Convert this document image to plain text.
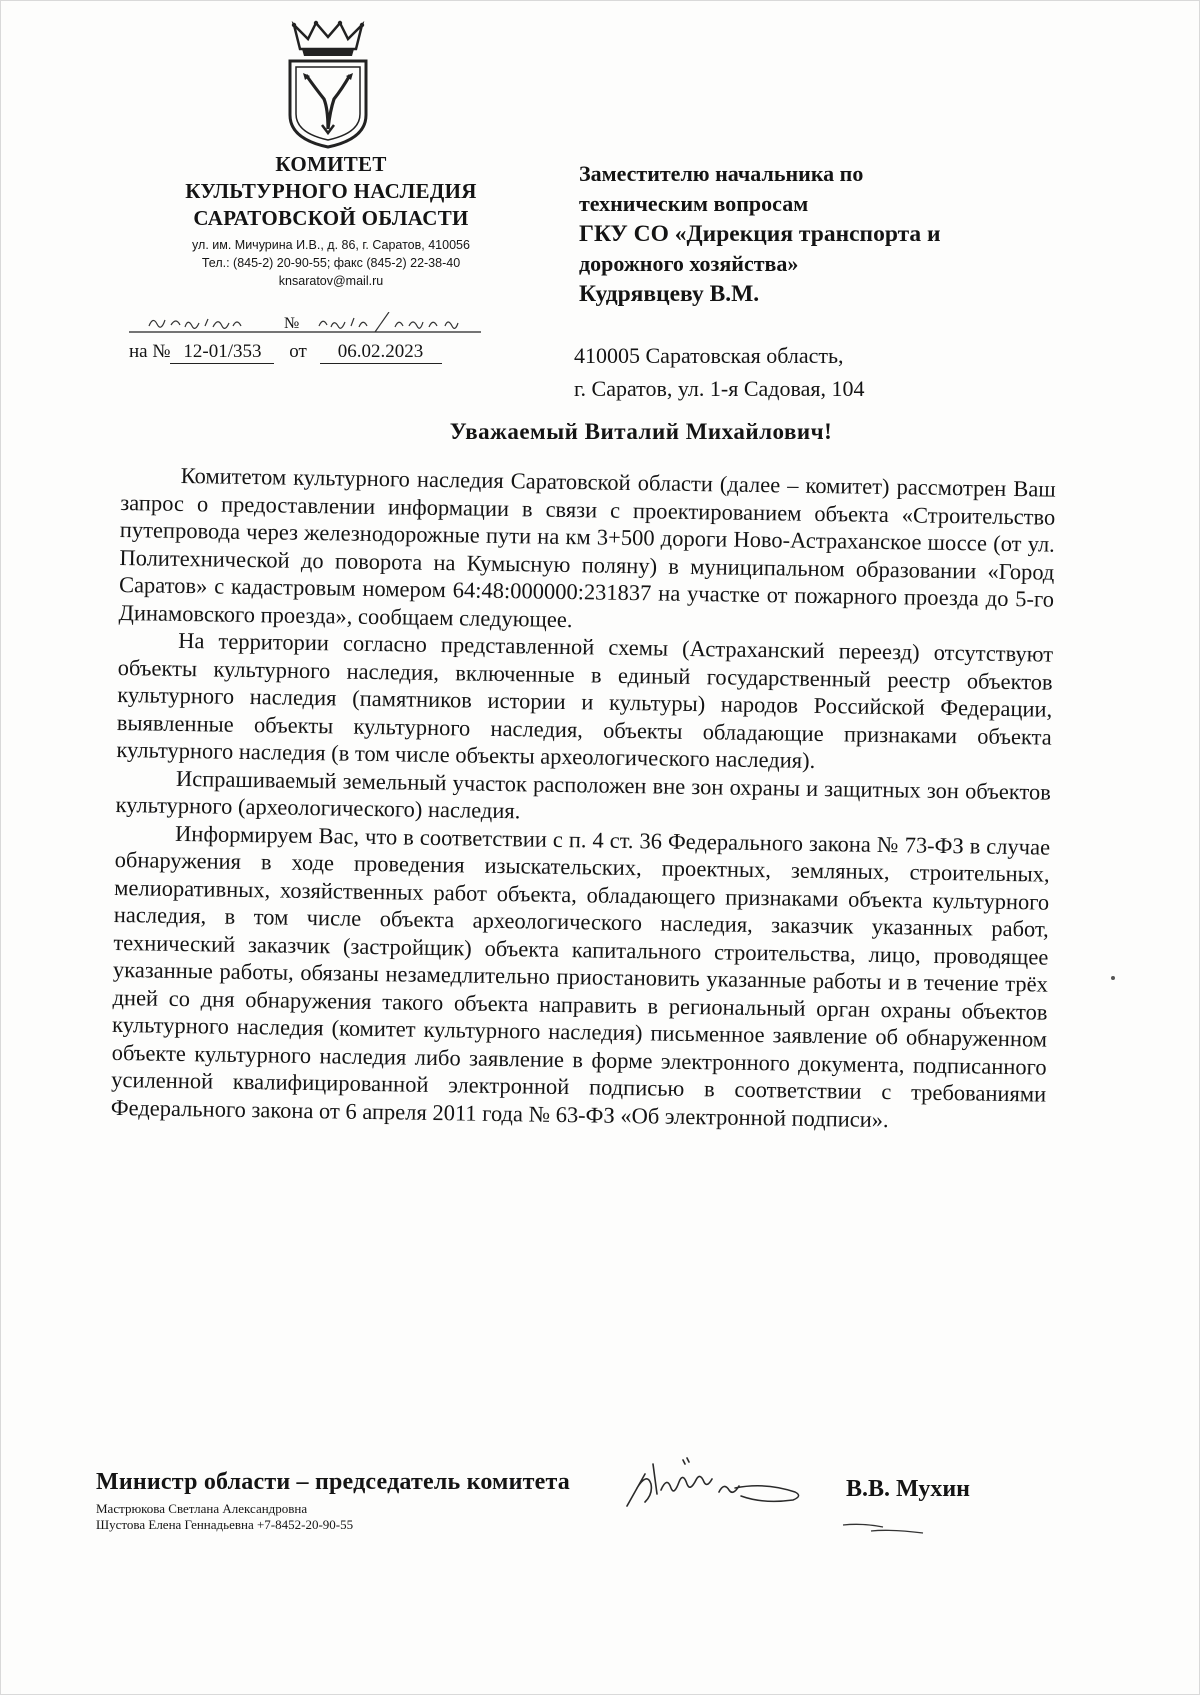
КОМИТЕТ
КУЛЬТУРНОГО НАСЛЕДИЯ
САРАТОВСКОЙ ОБЛАСТИ
ул. им. Мичурина И.В., д. 86, г. Саратов, 410056
Тел.: (845-2) 20-90-55; факс (845-2) 22-38-40
knsaratov@mail.ru
№
на № 12-01/353 от 06.02.2023
Заместителю начальника по
техническим вопросам
ГКУ СО «Дирекция транспорта и
дорожного хозяйства»
Кудрявцеву В.М.
410005 Саратовская область,
г. Саратов, ул. 1-я Садовая, 104
Уважаемый Виталий Михайлович!

Комитетом культурного наследия Саратовской области (далее – комитет) рассмотрен Ваш запрос о предоставлении информации в связи с проектированием объекта «Строительство путепровода через железнодорожные пути на км 3+500 дороги Ново-Астраханское шоссе (от ул. Политехнической до поворота на Кумысную поляну) в муниципальном образовании «Город Саратов» с кадастровым номером 64:48:000000:231837 на участке от пожарного проезда до 5-го Динамовского проезда», сообщаем следующее.

На территории согласно представленной схемы (Астраханский переезд) отсутствуют объекты культурного наследия, включенные в единый государственный реестр объектов культурного наследия (памятников истории и культуры) народов Российской Федерации, выявленные объекты культурного наследия, объекты обладающие признаками объекта культурного наследия (в том числе объекты археологического наследия).

Испрашиваемый земельный участок расположен вне зон охраны и защитных зон объектов культурного (археологического) наследия.

Информируем Вас, что в соответствии с п. 4 ст. 36 Федерального закона № 73-ФЗ в случае обнаружения в ходе проведения изыскательских, проектных, земляных, строительных, мелиоративных, хозяйственных работ объекта, обладающего признаками объекта культурного наследия, в том числе объекта археологического наследия, заказчик указанных работ, технический заказчик (застройщик) объекта капитального строительства, лицо, проводящее указанные работы, обязаны незамедлительно приостановить указанные работы и в течение трёх дней со дня обнаружения такого объекта направить в региональный орган охраны объектов культурного наследия (комитет культурного наследия) письменное заявление об обнаруженном объекте культурного наследия либо заявление в форме электронного документа, подписанного усиленной квалифицированной электронной подписью в соответствии с требованиями Федерального закона от 6 апреля 2011 года № 63-ФЗ «Об электронной подписи».

Министр области – председатель комитета
Мастрюкова Светлана Александровна
Шустова Елена Геннадьевна +7-8452-20-90-55
В.В. Мухин
